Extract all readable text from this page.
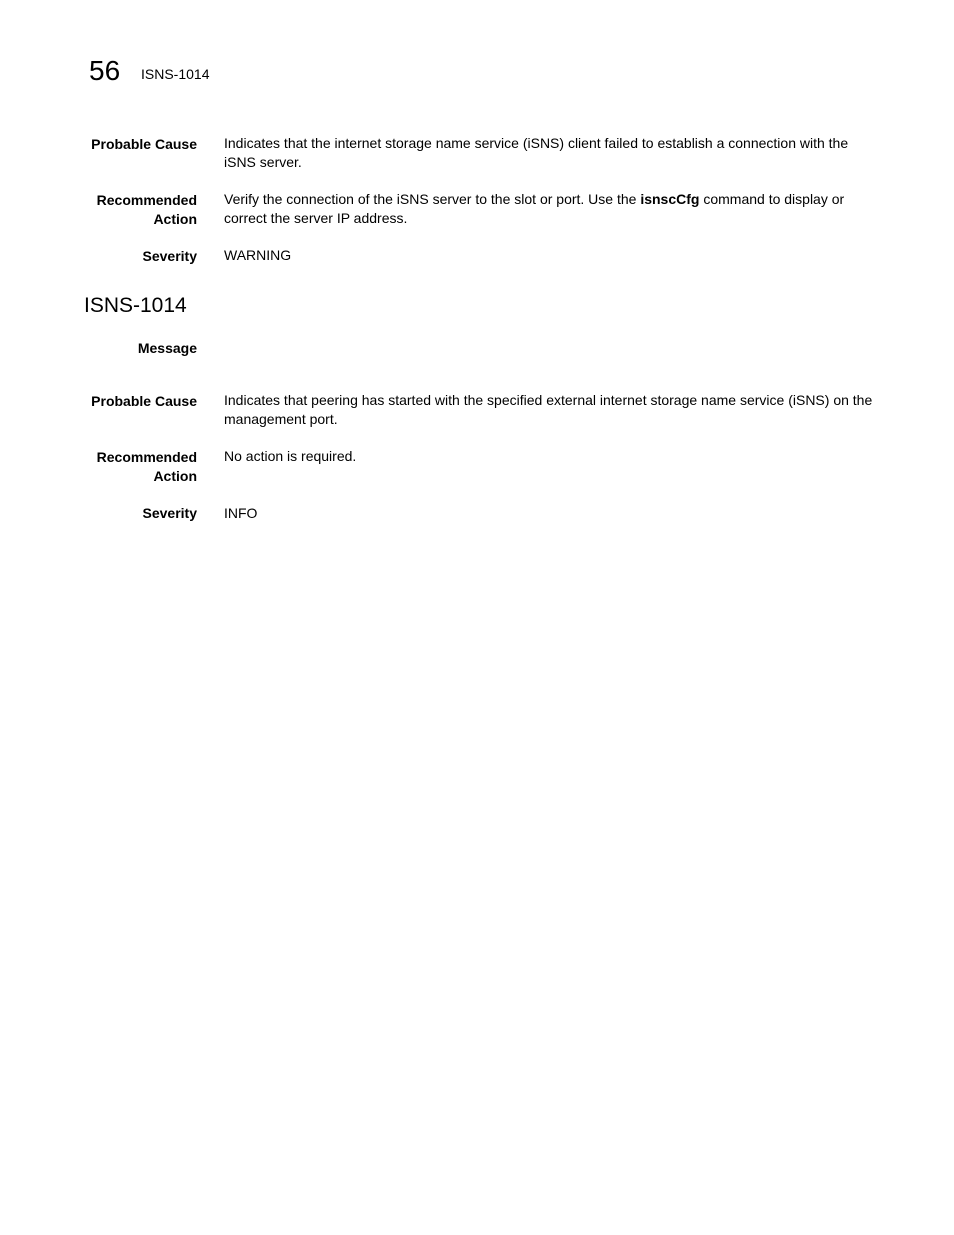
56 ISNS-1014
Probable Cause Indicates that the internet storage name service (iSNS) client failed to establish a connection with the iSNS server.
Recommended
Action
Verify the connection of the iSNS server to the slot or port. Use the isnscCfg command to display or correct the server IP address.
Severity WARNING
ISNS-1014
Message
Probable Cause Indicates that peering has started with the specified external internet storage name service (iSNS) on the management port.
Recommended
Action
No action is required.
Severity INFO
